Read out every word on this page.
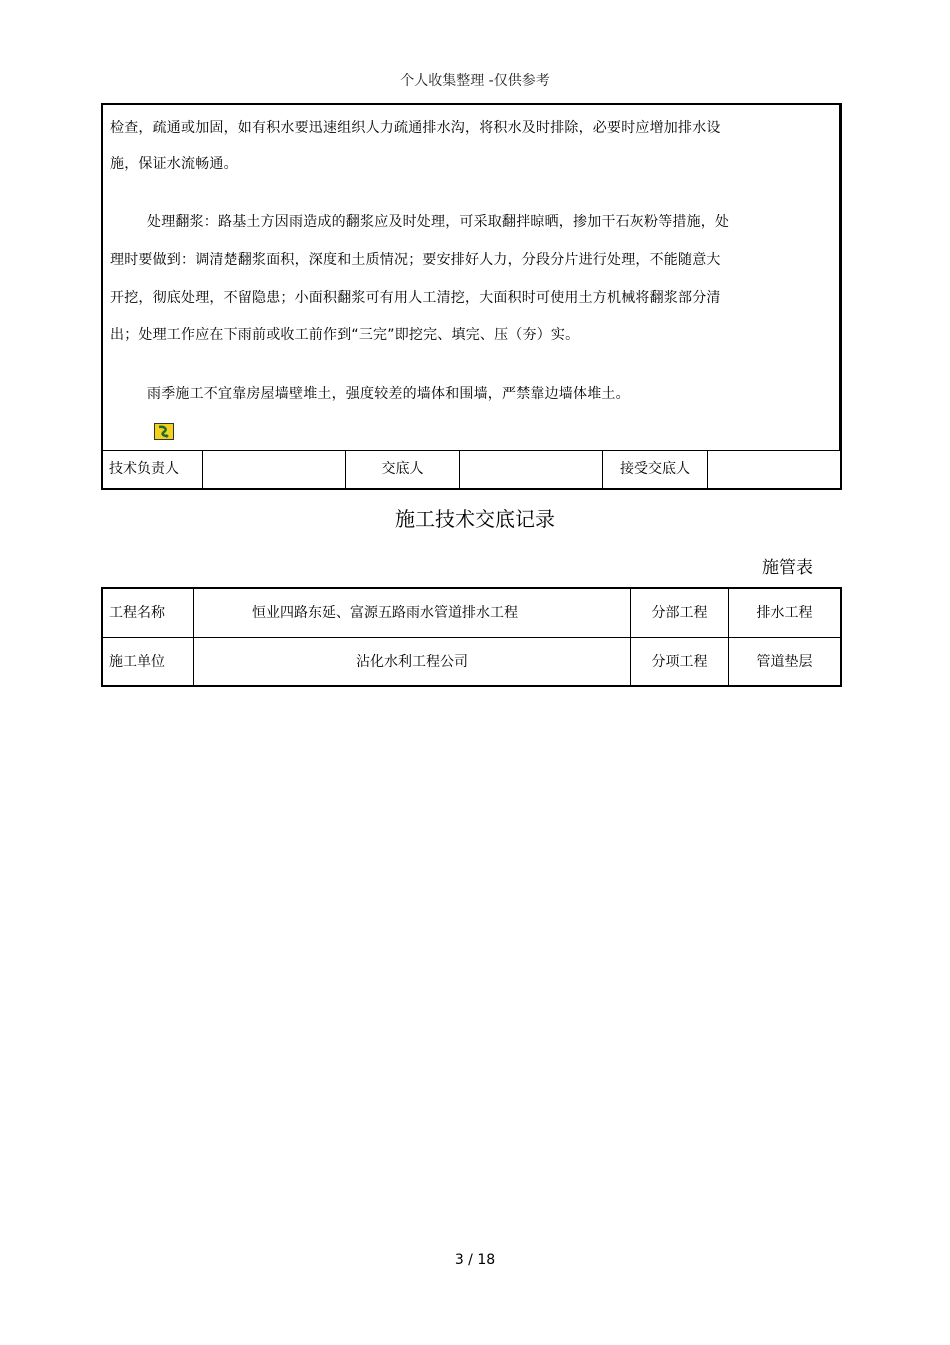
个人收集整理 -仅供参考
检查，疏通或加固，如有积水要迅速组织人力疏通排水沟，将积水及时排除，必要时应增加排水设
施，保证水流畅通。
处理翻浆：路基土方因雨造成的翻浆应及时处理，可采取翻拌晾晒，掺加干石灰粉等措施，处
理时要做到：调清楚翻浆面积，深度和土质情况；要安排好人力，分段分片进行处理，不能随意大
开挖，彻底处理，不留隐患；小面积翻浆可有用人工清挖，大面积时可使用土方机械将翻浆部分清
出；处理工作应在下雨前或收工前作到“三完”即挖完、填完、压（夯）实。
雨季施工不宜靠房屋墙壁堆土，强度较差的墙体和围墙，严禁靠边墙体堆土。
技术负责人	交底人	接受交底人
施工技术交底记录
施管表
工程名称	恒业四路东延、富源五路雨水管道排水工程	分部工程	排水工程
施工单位	沾化水利工程公司	分项工程	管道垫层
3 / 18
